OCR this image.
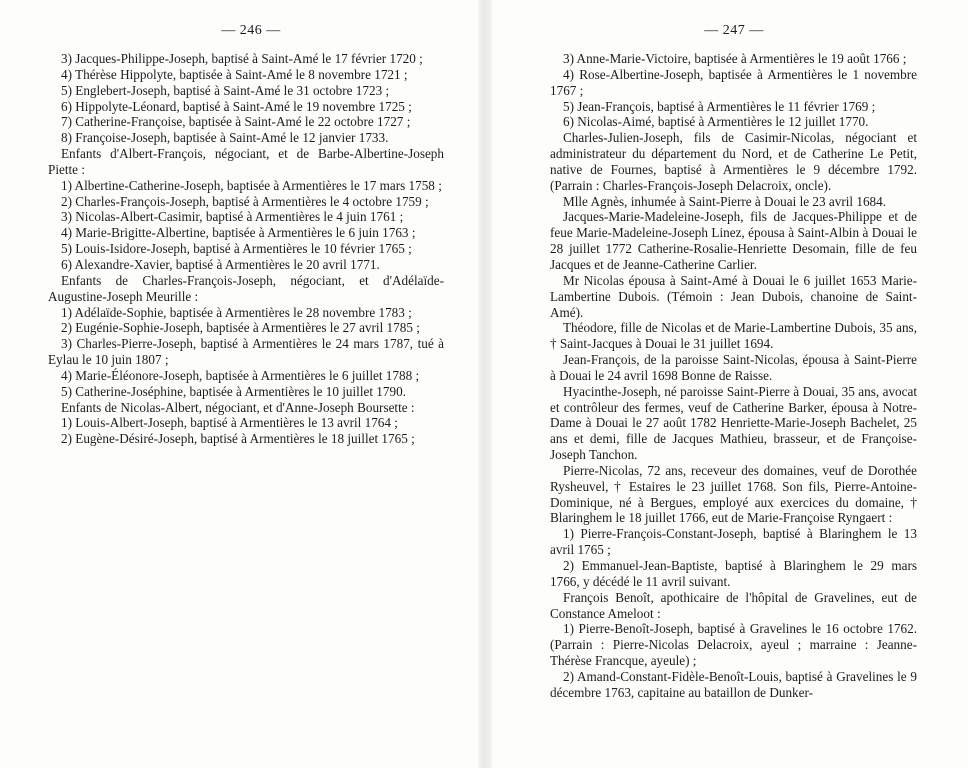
— 246 —

3) Jacques-Philippe-Joseph, baptisé à Saint-Amé le 17 février 1720 ;

4) Thérèse Hippolyte, baptisée à Saint-Amé le 8 novembre 1721 ;

5) Englebert-Joseph, baptisé à Saint-Amé le 31 octobre 1723 ;

6) Hippolyte-Léonard, baptisé à Saint-Amé le 19 novembre 1725 ;

7) Catherine-Françoise, baptisée à Saint-Amé le 22 octobre 1727 ;

8) Françoise-Joseph, baptisée à Saint-Amé le 12 janvier 1733.

Enfants d'Albert-François, négociant, et de Barbe-Albertine-Joseph Piette :

1) Albertine-Catherine-Joseph, baptisée à Armentières le 17 mars 1758 ;

2) Charles-François-Joseph, baptisé à Armentières le 4 octobre 1759 ;

3) Nicolas-Albert-Casimir, baptisé à Armentières le 4 juin 1761 ;

4) Marie-Brigitte-Albertine, baptisée à Armentières le 6 juin 1763 ;

5) Louis-Isidore-Joseph, baptisé à Armentières le 10 février 1765 ;

6) Alexandre-Xavier, baptisé à Armentières le 20 avril 1771.

Enfants de Charles-François-Joseph, négociant, et d'Adélaïde-Augustine-Joseph Meurille :

1) Adélaïde-Sophie, baptisée à Armentières le 28 novembre 1783 ;

2) Eugénie-Sophie-Joseph, baptisée à Armentières le 27 avril 1785 ;

3) Charles-Pierre-Joseph, baptisé à Armentières le 24 mars 1787, tué à Eylau le 10 juin 1807 ;

4) Marie-Éléonore-Joseph, baptisée à Armentières le 6 juillet 1788 ;

5) Catherine-Joséphine, baptisée à Armentières le 10 juillet 1790.

Enfants de Nicolas-Albert, négociant, et d'Anne-Joseph Boursette :

1) Louis-Albert-Joseph, baptisé à Armentières le 13 avril 1764 ;

2) Eugène-Désiré-Joseph, baptisé à Armentières le 18 juillet 1765 ;

— 247 —

3) Anne-Marie-Victoire, baptisée à Armentières le 19 août 1766 ;

4) Rose-Albertine-Joseph, baptisée à Armentières le 1 novembre 1767 ;

5) Jean-François, baptisé à Armentières le 11 février 1769 ;

6) Nicolas-Aimé, baptisé à Armentières le 12 juillet 1770.

Charles-Julien-Joseph, fils de Casimir-Nicolas, négociant et administrateur du département du Nord, et de Catherine Le Petit, native de Fournes, baptisé à Armentières le 9 décembre 1792. (Parrain : Charles-François-Joseph Delacroix, oncle).

Mlle Agnès, inhumée à Saint-Pierre à Douai le 23 avril 1684.

Jacques-Marie-Madeleine-Joseph, fils de Jacques-Philippe et de feue Marie-Madeleine-Joseph Linez, épousa à Saint-Albin à Douai le 28 juillet 1772 Catherine-Rosalie-Henriette Desomain, fille de feu Jacques et de Jeanne-Catherine Carlier.

Mr Nicolas épousa à Saint-Amé à Douai le 6 juillet 1653 Marie-Lambertine Dubois. (Témoin : Jean Dubois, chanoine de Saint-Amé).

Théodore, fille de Nicolas et de Marie-Lambertine Dubois, 35 ans, † Saint-Jacques à Douai le 31 juillet 1694.

Jean-François, de la paroisse Saint-Nicolas, épousa à Saint-Pierre à Douai le 24 avril 1698 Bonne de Raisse.

Hyacinthe-Joseph, né paroisse Saint-Pierre à Douai, 35 ans, avocat et contrôleur des fermes, veuf de Catherine Barker, épousa à Notre-Dame à Douai le 27 août 1782 Henriette-Marie-Joseph Bachelet, 25 ans et demi, fille de Jacques Mathieu, brasseur, et de Françoise-Joseph Tanchon.

Pierre-Nicolas, 72 ans, receveur des domaines, veuf de Dorothée Rysheuvel, † Estaires le 23 juillet 1768. Son fils, Pierre-Antoine-Dominique, né à Bergues, employé aux exercices du domaine, † Blaringhem le 18 juillet 1766, eut de Marie-Françoise Ryngaert :

1) Pierre-François-Constant-Joseph, baptisé à Blaringhem le 13 avril 1765 ;

2) Emmanuel-Jean-Baptiste, baptisé à Blaringhem le 29 mars 1766, y décédé le 11 avril suivant.

François Benoît, apothicaire de l'hôpital de Gravelines, eut de Constance Ameloot :

1) Pierre-Benoît-Joseph, baptisé à Gravelines le 16 octobre 1762. (Parrain : Pierre-Nicolas Delacroix, ayeul ; marraine : Jeanne-Thérèse Francque, ayeule) ;

2) Amand-Constant-Fidèle-Benoît-Louis, baptisé à Gravelines le 9 décembre 1763, capitaine au bataillon de Dunker-
